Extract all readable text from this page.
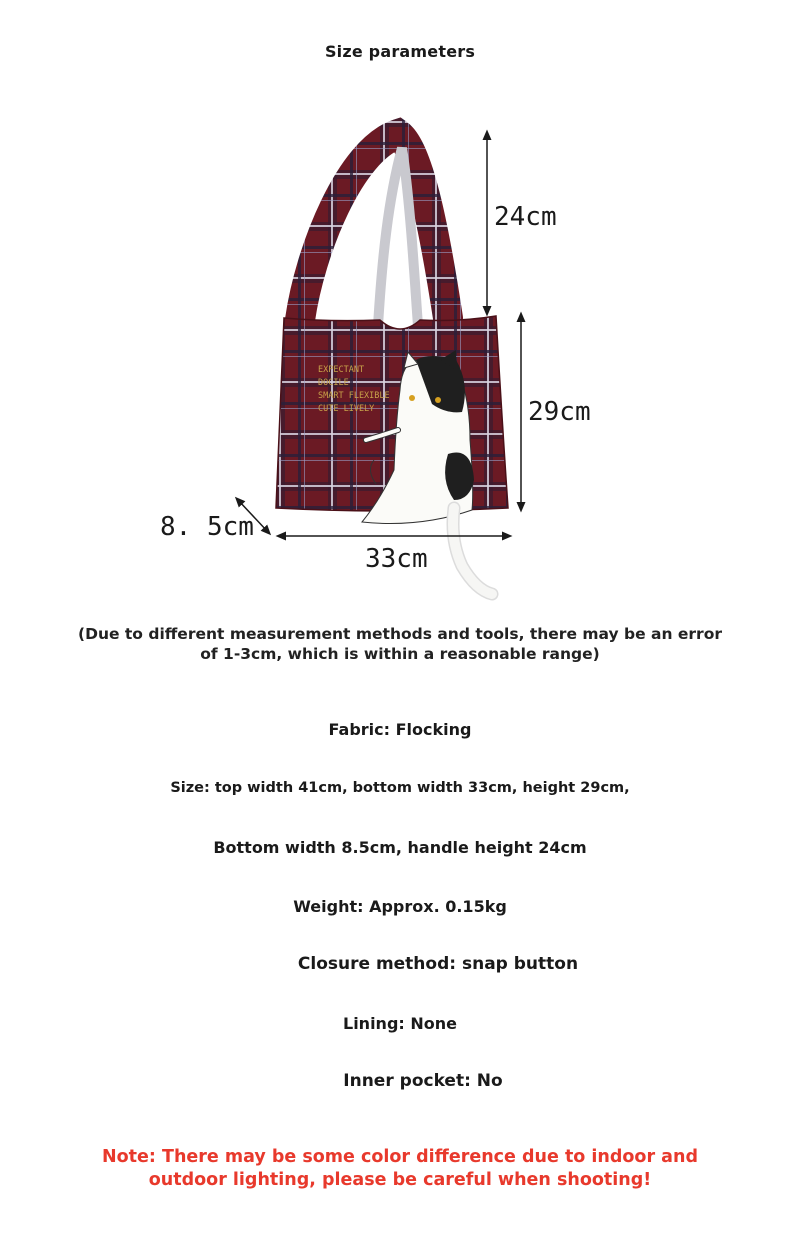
Size parameters
EXPECTANT
DOCILE
SMART FLEXIBLE
CUTE LIVELY
24cm
29cm
8. 5cm
33cm
(Due to different measurement methods and tools, there may be an error of 1-3cm, which is within a reasonable range)
Fabric: Flocking
Size: top width 41cm, bottom width 33cm, height 29cm,
Bottom width 8.5cm, handle height 24cm
Weight: Approx. 0.15kg
Closure method: snap button
Lining: None
Inner pocket: No
Note: There may be some color difference due to indoor and outdoor lighting, please be careful when shooting!
